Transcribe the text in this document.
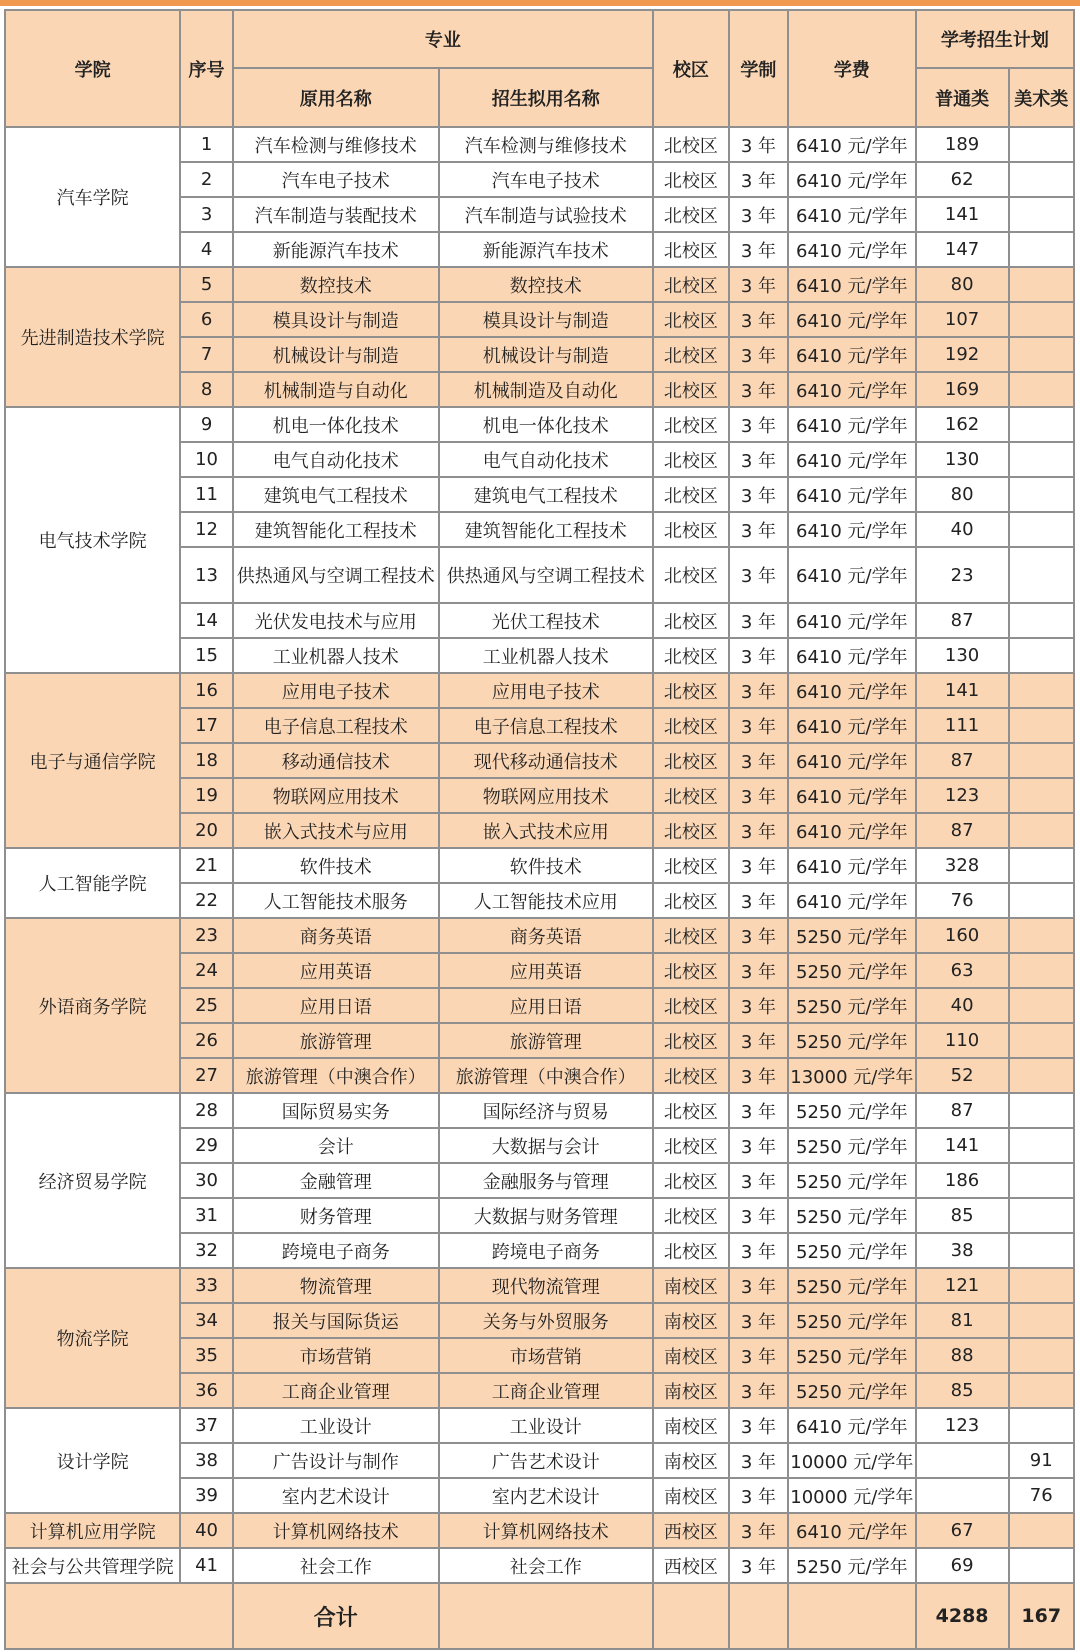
学院	序号	专业		校区	学制	学费	学考招生计划	
		原用名称	招生拟用名称				普通类	美术类
汽车学院	1	汽车检测与维修技术	汽车检测与维修技术	北校区	3 年	6410 元/学年	189	
	2	汽车电子技术	汽车电子技术	北校区	3 年	6410 元/学年	62	
	3	汽车制造与装配技术	汽车制造与试验技术	北校区	3 年	6410 元/学年	141	
	4	新能源汽车技术	新能源汽车技术	北校区	3 年	6410 元/学年	147	
先进制造技术学院	5	数控技术	数控技术	北校区	3 年	6410 元/学年	80	
	6	模具设计与制造	模具设计与制造	北校区	3 年	6410 元/学年	107	
	7	机械设计与制造	机械设计与制造	北校区	3 年	6410 元/学年	192	
	8	机械制造与自动化	机械制造及自动化	北校区	3 年	6410 元/学年	169	
电气技术学院	9	机电一体化技术	机电一体化技术	北校区	3 年	6410 元/学年	162	
	10	电气自动化技术	电气自动化技术	北校区	3 年	6410 元/学年	130	
	11	建筑电气工程技术	建筑电气工程技术	北校区	3 年	6410 元/学年	80	
	12	建筑智能化工程技术	建筑智能化工程技术	北校区	3 年	6410 元/学年	40	
	13	供热通风与空调工程技术	供热通风与空调工程技术	北校区	3 年	6410 元/学年	23	
	14	光伏发电技术与应用	光伏工程技术	北校区	3 年	6410 元/学年	87	
	15	工业机器人技术	工业机器人技术	北校区	3 年	6410 元/学年	130	
电子与通信学院	16	应用电子技术	应用电子技术	北校区	3 年	6410 元/学年	141	
	17	电子信息工程技术	电子信息工程技术	北校区	3 年	6410 元/学年	111	
	18	移动通信技术	现代移动通信技术	北校区	3 年	6410 元/学年	87	
	19	物联网应用技术	物联网应用技术	北校区	3 年	6410 元/学年	123	
	20	嵌入式技术与应用	嵌入式技术应用	北校区	3 年	6410 元/学年	87	
人工智能学院	21	软件技术	软件技术	北校区	3 年	6410 元/学年	328	
	22	人工智能技术服务	人工智能技术应用	北校区	3 年	6410 元/学年	76	
外语商务学院	23	商务英语	商务英语	北校区	3 年	5250 元/学年	160	
	24	应用英语	应用英语	北校区	3 年	5250 元/学年	63	
	25	应用日语	应用日语	北校区	3 年	5250 元/学年	40	
	26	旅游管理	旅游管理	北校区	3 年	5250 元/学年	110	
	27	旅游管理（中澳合作）	旅游管理（中澳合作）	北校区	3 年	13000 元/学年	52	
经济贸易学院	28	国际贸易实务	国际经济与贸易	北校区	3 年	5250 元/学年	87	
	29	会计	大数据与会计	北校区	3 年	5250 元/学年	141	
	30	金融管理	金融服务与管理	北校区	3 年	5250 元/学年	186	
	31	财务管理	大数据与财务管理	北校区	3 年	5250 元/学年	85	
	32	跨境电子商务	跨境电子商务	北校区	3 年	5250 元/学年	38	
物流学院	33	物流管理	现代物流管理	南校区	3 年	5250 元/学年	121	
	34	报关与国际货运	关务与外贸服务	南校区	3 年	5250 元/学年	81	
	35	市场营销	市场营销	南校区	3 年	5250 元/学年	88	
	36	工商企业管理	工商企业管理	南校区	3 年	5250 元/学年	85	
设计学院	37	工业设计	工业设计	南校区	3 年	6410 元/学年	123	
	38	广告设计与制作	广告艺术设计	南校区	3 年	10000 元/学年		91
	39	室内艺术设计	室内艺术设计	南校区	3 年	10000 元/学年		76
计算机应用学院	40	计算机网络技术	计算机网络技术	西校区	3 年	6410 元/学年	67	
社会与公共管理学院	41	社会工作	社会工作	西校区	3 年	5250 元/学年	69	
		合计					4288	167
